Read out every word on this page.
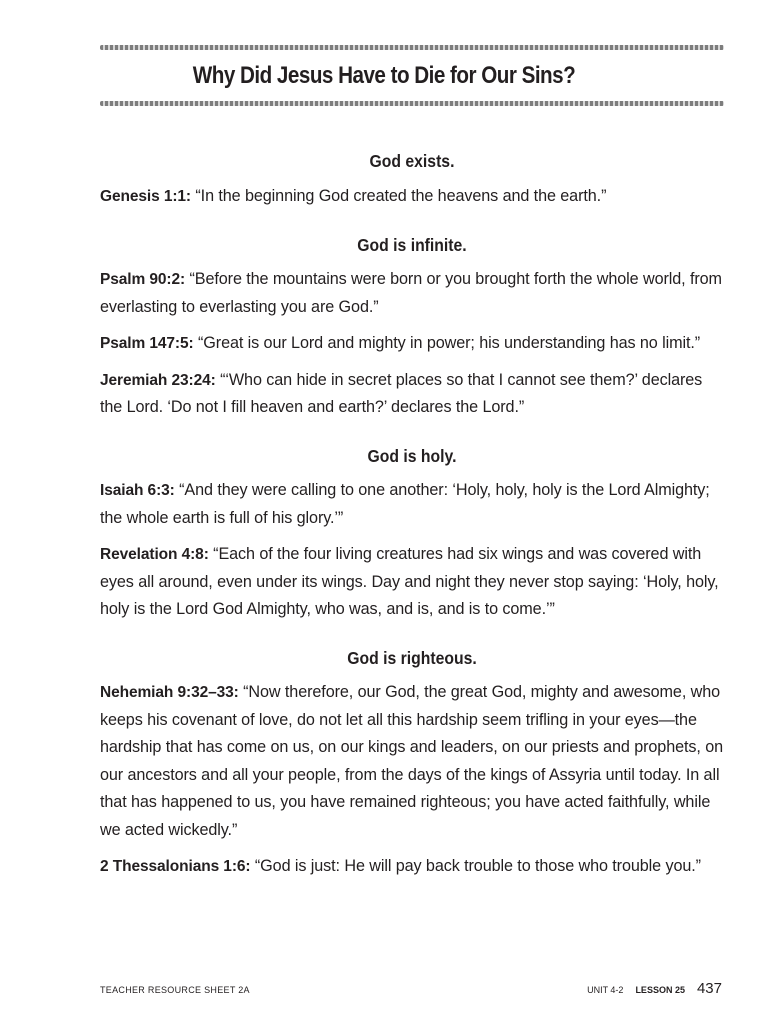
Why Did Jesus Have to Die for Our Sins?

God exists.

Genesis 1:1: “In the beginning God created the heavens and the earth.”

God is infinite.

Psalm 90:2: “Before the mountains were born or you brought forth the whole world, from everlasting to everlasting you are God.”

Psalm 147:5: “Great is our Lord and mighty in power; his understanding has no limit.”

Jeremiah 23:24: “‘Who can hide in secret places so that I cannot see them?’ declares the Lord. ‘Do not I fill heaven and earth?’ declares the Lord.”

God is holy.

Isaiah 6:3: “And they were calling to one another: ‘Holy, holy, holy is the Lord Almighty; the whole earth is full of his glory.’”

Revelation 4:8: “Each of the four living creatures had six wings and was covered with eyes all around, even under its wings. Day and night they never stop saying: ‘Holy, holy, holy is the Lord God Almighty, who was, and is, and is to come.’”

God is righteous.

Nehemiah 9:32–33: “Now therefore, our God, the great God, mighty and awesome, who keeps his covenant of love, do not let all this hardship seem trifling in your eyes—the hardship that has come on us, on our kings and leaders, on our priests and prophets, on our ancestors and all your people, from the days of the kings of Assyria until today. In all that has happened to us, you have remained righteous; you have acted faithfully, while we acted wickedly.”

2 Thessalonians 1:6: “God is just: He will pay back trouble to those who trouble you.”

TEACHER RESOURCE SHEET 2A	UNIT 4-2 LESSON 25 437
